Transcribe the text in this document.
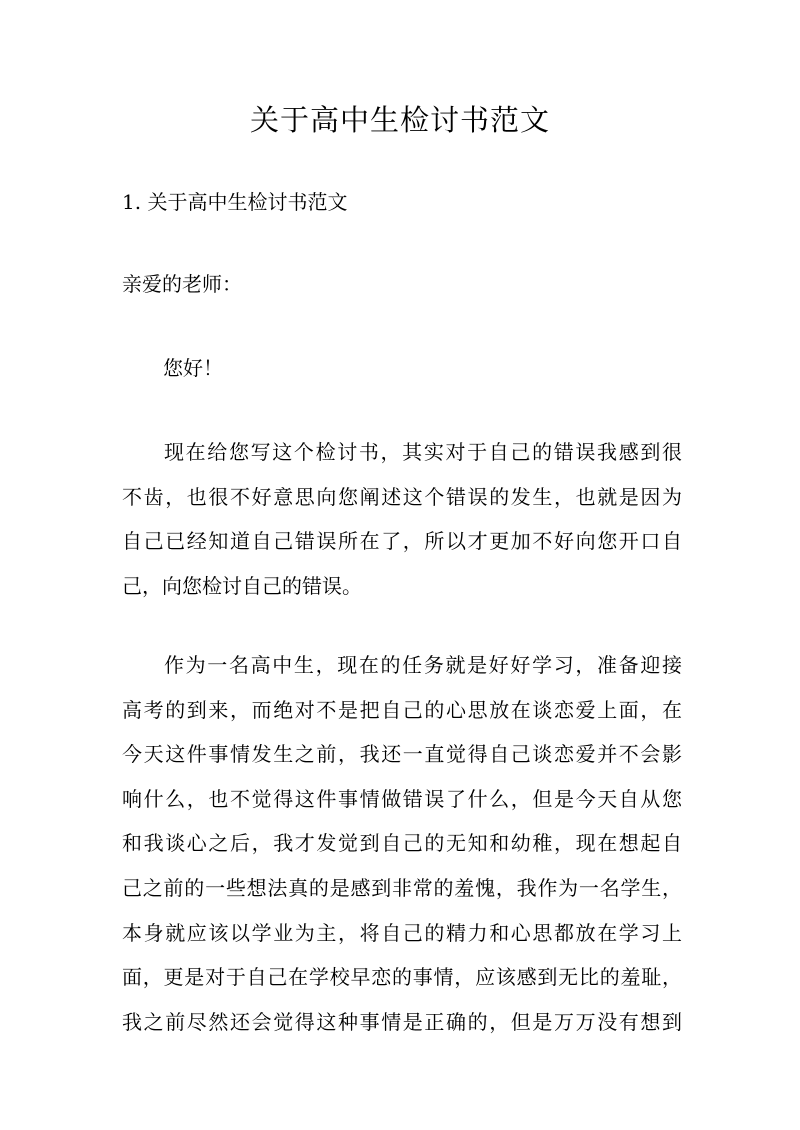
关于高中生检讨书范文
1. 关于高中生检讨书范文
亲爱的老师：
您好！
现在给您写这个检讨书，其实对于自己的错误我感到很
不齿，也很不好意思向您阐述这个错误的发生，也就是因为
自己已经知道自己错误所在了，所以才更加不好向您开口自
己，向您检讨自己的错误。
作为一名高中生，现在的任务就是好好学习，准备迎接
高考的到来，而绝对不是把自己的心思放在谈恋爱上面，在
今天这件事情发生之前，我还一直觉得自己谈恋爱并不会影
响什么，也不觉得这件事情做错误了什么，但是今天自从您
和我谈心之后，我才发觉到自己的无知和幼稚，现在想起自
己之前的一些想法真的是感到非常的羞愧，我作为一名学生，
本身就应该以学业为主，将自己的精力和心思都放在学习上
面，更是对于自己在学校早恋的事情，应该感到无比的羞耻，
我之前尽然还会觉得这种事情是正确的，但是万万没有想到
